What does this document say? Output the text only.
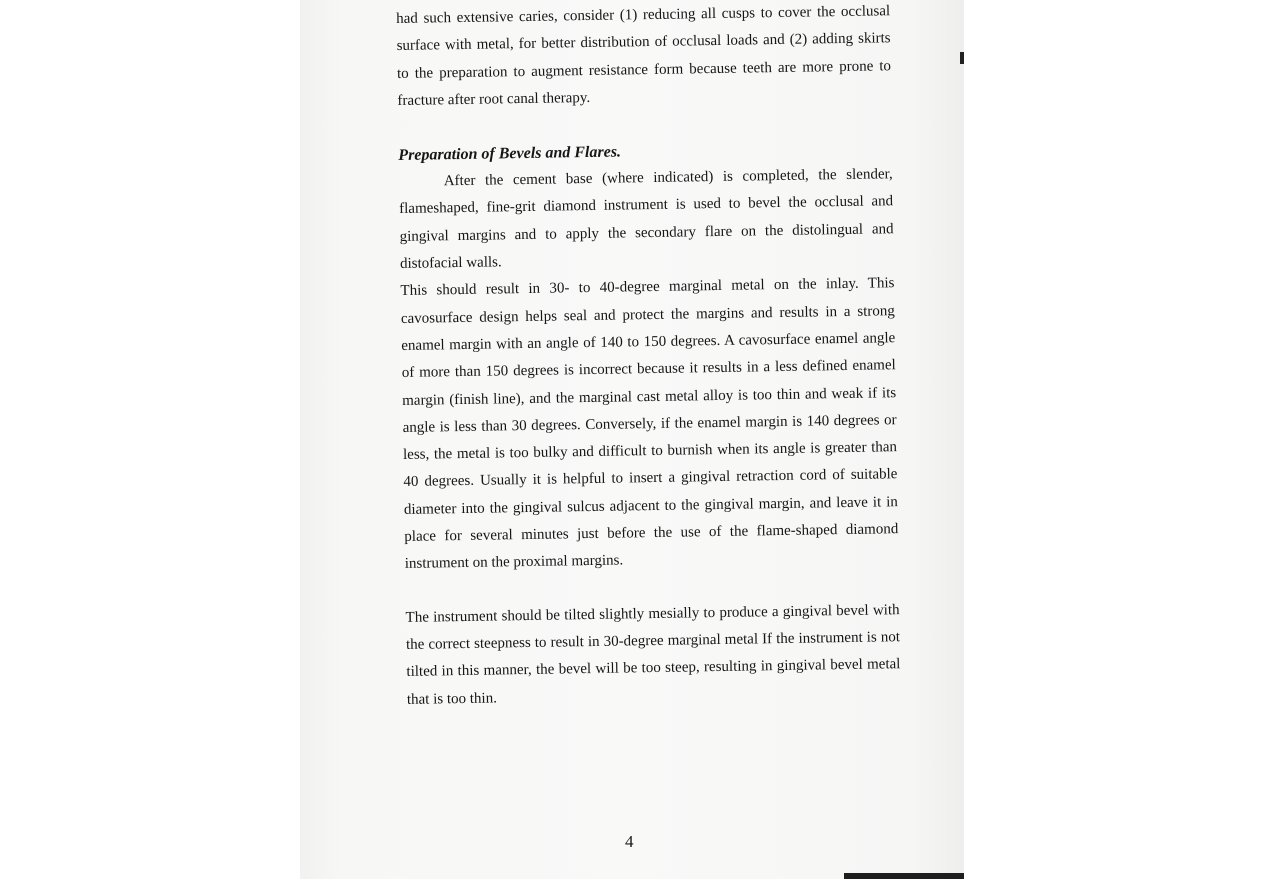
had such extensive caries, consider (1) reducing all cusps to cover the occlusal surface with metal, for better distribution of occlusal loads and (2) adding skirts to the preparation to augment resistance form because teeth are more prone to fracture after root canal therapy.

Preparation of Bevels and Flares.

After the cement base (where indicated) is completed, the slender, flameshaped, fine-grit diamond instrument is used to bevel the occlusal and gingival margins and to apply the secondary flare on the distolingual and distofacial walls.

This should result in 30- to 40-degree marginal metal on the inlay. This cavosurface design helps seal and protect the margins and results in a strong enamel margin with an angle of 140 to 150 degrees. A cavosurface enamel angle of more than 150 degrees is incorrect because it results in a less defined enamel margin (finish line), and the marginal cast metal alloy is too thin and weak if its angle is less than 30 degrees. Conversely, if the enamel margin is 140 degrees or less, the metal is too bulky and difficult to burnish when its angle is greater than 40 degrees. Usually it is helpful to insert a gingival retraction cord of suitable diameter into the gingival sulcus adjacent to the gingival margin, and leave it in place for several minutes just before the use of the flame-shaped diamond instrument on the proximal margins.

The instrument should be tilted slightly mesially to produce a gingival bevel with the correct steepness to result in 30-degree marginal metal If the instrument is not tilted in this manner, the bevel will be too steep, resulting in gingival bevel metal that is too thin.

4
